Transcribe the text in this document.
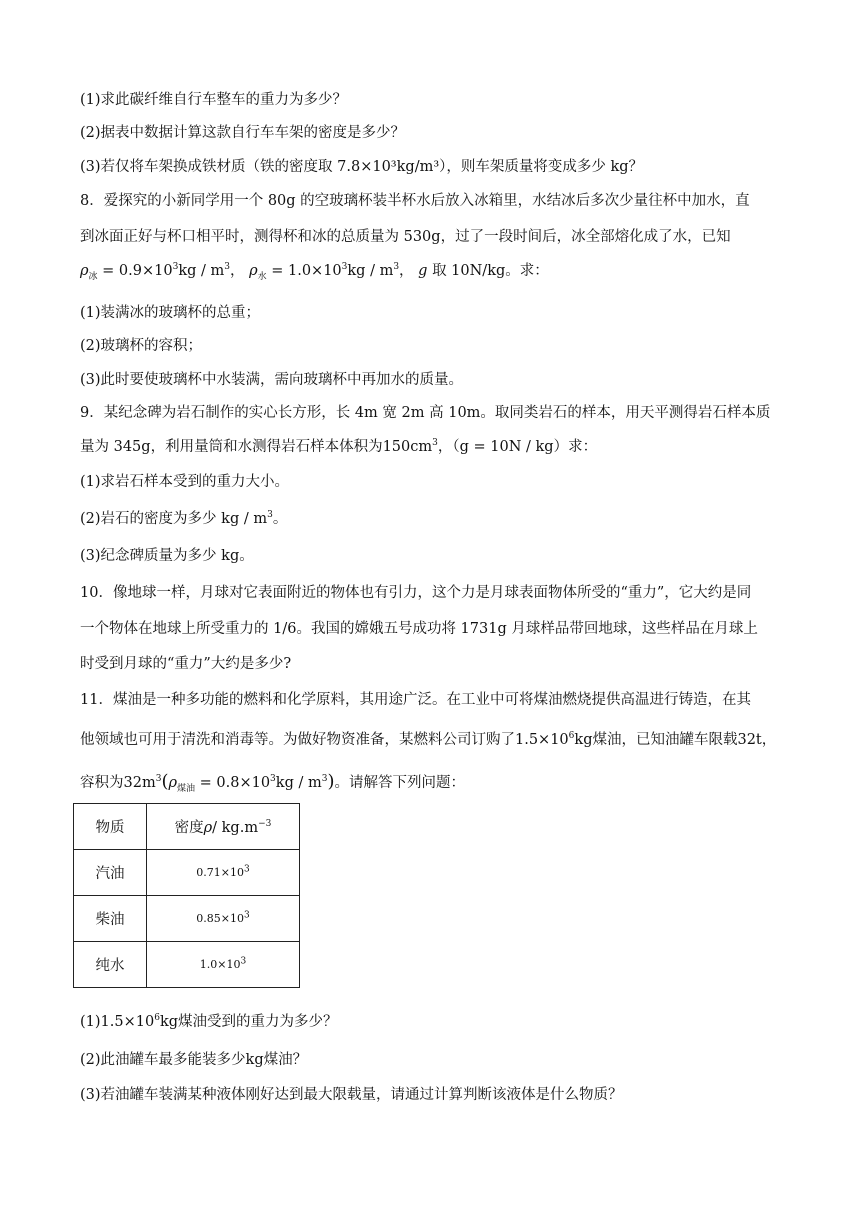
(1)求此碳纤维自行车整车的重力为多少？
(2)据表中数据计算这款自行车车架的密度是多少？
(3)若仅将车架换成铁材质（铁的密度取 7.8×10³kg/m³），则车架质量将变成多少 kg？
8．爱探究的小新同学用一个 80g 的空玻璃杯装半杯水后放入冰箱里，水结冰后多次少量往杯中加水，直
到冰面正好与杯口相平时，测得杯和冰的总质量为 530g，过了一段时间后，冰全部熔化成了水，已知
$\rho_冰 = 0.9\times 10^3kg / m^3$， $\rho_水 = 1.0\times 10^3kg / m^3$， g 取 10N/kg。求：
(1)装满冰的玻璃杯的总重；
(2)玻璃杯的容积；
(3)此时要使玻璃杯中水装满，需向玻璃杯中再加水的质量。
9．某纪念碑为岩石制作的实心长方形，长 4m 宽 2m 高 10m。取同类岩石的样本，用天平测得岩石样本质
量为 345g，利用量筒和水测得岩石样本体积为$150cm^3$，（g = 10N / kg）求：
(1)求岩石样本受到的重力大小。
(2)岩石的密度为多少 kg / $m^3$。
(3)纪念碑质量为多少 kg。
10．像地球一样，月球对它表面附近的物体也有引力，这个力是月球表面物体所受的“重力”，它大约是同
一个物体在地球上所受重力的 1/6。我国的嫦娥五号成功将 1731g 月球样品带回地球，这些样品在月球上
时受到月球的“重力”大约是多少?
11．煤油是一种多功能的燃料和化学原料，其用途广泛。在工业中可将煤油燃烧提供高温进行铸造，在其
他领域也可用于清洗和消毒等。为做好物资准备，某燃料公司订购了$1.5\times 10^6kg$煤油，已知油罐车限载32t，
容积为$32m^3(\rho_{煤油} = 0.8\times 10^3kg / m^3)$。请解答下列问题：
物质	密度ρ/ $kg.m^{-3}$
汽油	$0.71\times 10^3$
柴油	$0.85\times 10^3$
纯水	$1.0\times 10^3$
$(1)1.5\times 10^6kg$煤油受到的重力为多少？
(2)此油罐车最多能装多少kg煤油？
(3)若油罐车装满某种液体刚好达到最大限载量，请通过计算判断该液体是什么物质？
